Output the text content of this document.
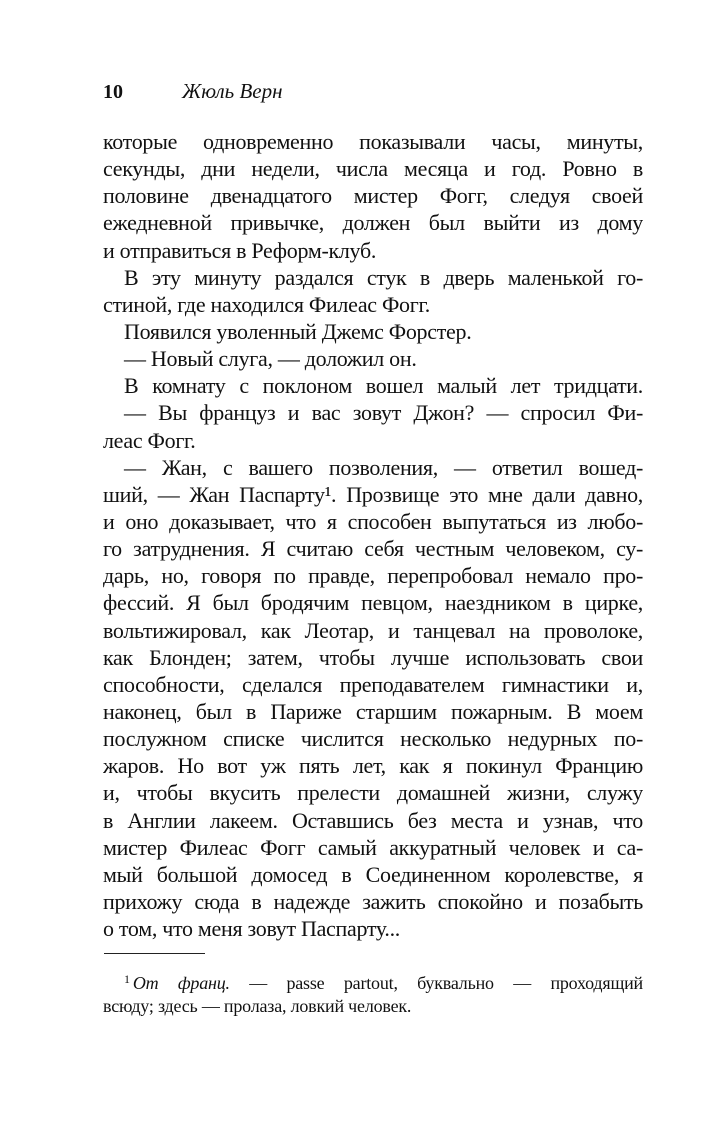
10	Жюль Верн
которые одновременно показывали часы, минуты,
секунды, дни недели, числа месяца и год. Ровно в
половине двенадцатого мистер Фогг, следуя своей
ежедневной привычке, должен был выйти из дому
и отправиться в Реформ-клуб.
В эту минуту раздался стук в дверь маленькой го-
стиной, где находился Филеас Фогг.
Появился уволенный Джемс Форстер.
— Новый слуга, — доложил он.
В комнату с поклоном вошел малый лет тридцати.
— Вы француз и вас зовут Джон? — спросил Фи-
леас Фогг.
— Жан, с вашего позволения, — ответил вошед-
ший, — Жан Паспарту¹. Прозвище это мне дали давно,
и оно доказывает, что я способен выпутаться из любо-
го затруднения. Я считаю себя честным человеком, су-
дарь, но, говоря по правде, перепробовал немало про-
фессий. Я был бродячим певцом, наездником в цирке,
вольтижировал, как Леотар, и танцевал на проволоке,
как Блонден; затем, чтобы лучше использовать свои
способности, сделался преподавателем гимнастики и,
наконец, был в Париже старшим пожарным. В моем
послужном списке числится несколько недурных по-
жаров. Но вот уж пять лет, как я покинул Францию
и, чтобы вкусить прелести домашней жизни, служу
в Англии лакеем. Оставшись без места и узнав, что
мистер Филеас Фогг самый аккуратный человек и са-
мый большой домосед в Соединенном королевстве, я
прихожу сюда в надежде зажить спокойно и позабыть
о том, что меня зовут Паспарту...
$^1$ От франц. — passe partout, буквально — проходящий
всюду; здесь — пролаза, ловкий человек.
